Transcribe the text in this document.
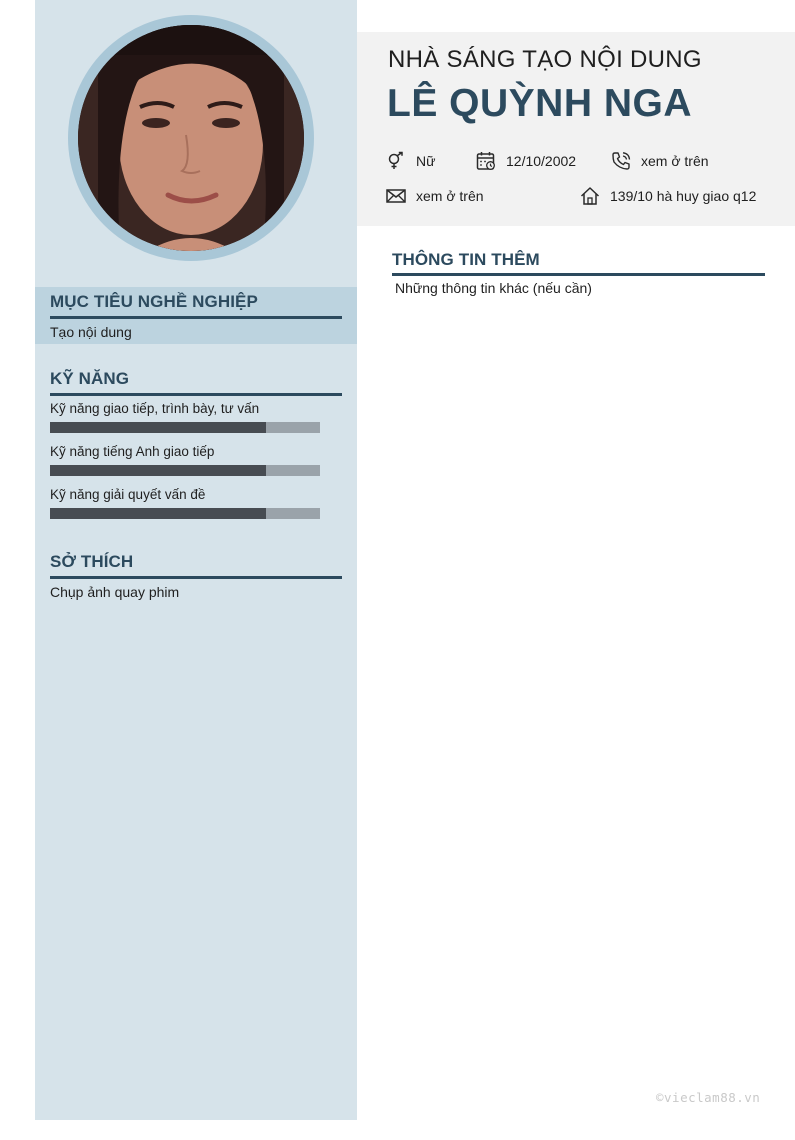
MỤC TIÊU NGHỀ NGHIỆP
Tạo nội dung
KỸ NĂNG
Kỹ năng giao tiếp, trình bày, tư vấn
Kỹ năng tiếng Anh giao tiếp
Kỹ năng giải quyết vấn đề
SỞ THÍCH
Chụp ảnh quay phim
NHÀ SÁNG TẠO NỘI DUNG
LÊ QUỲNH NGA
Nữ	12/10/2002	xem ở trên
xem ở trên	139/10 hà huy giao q12
THÔNG TIN THÊM
Những thông tin khác (nếu cần)
©vieclam88.vn
